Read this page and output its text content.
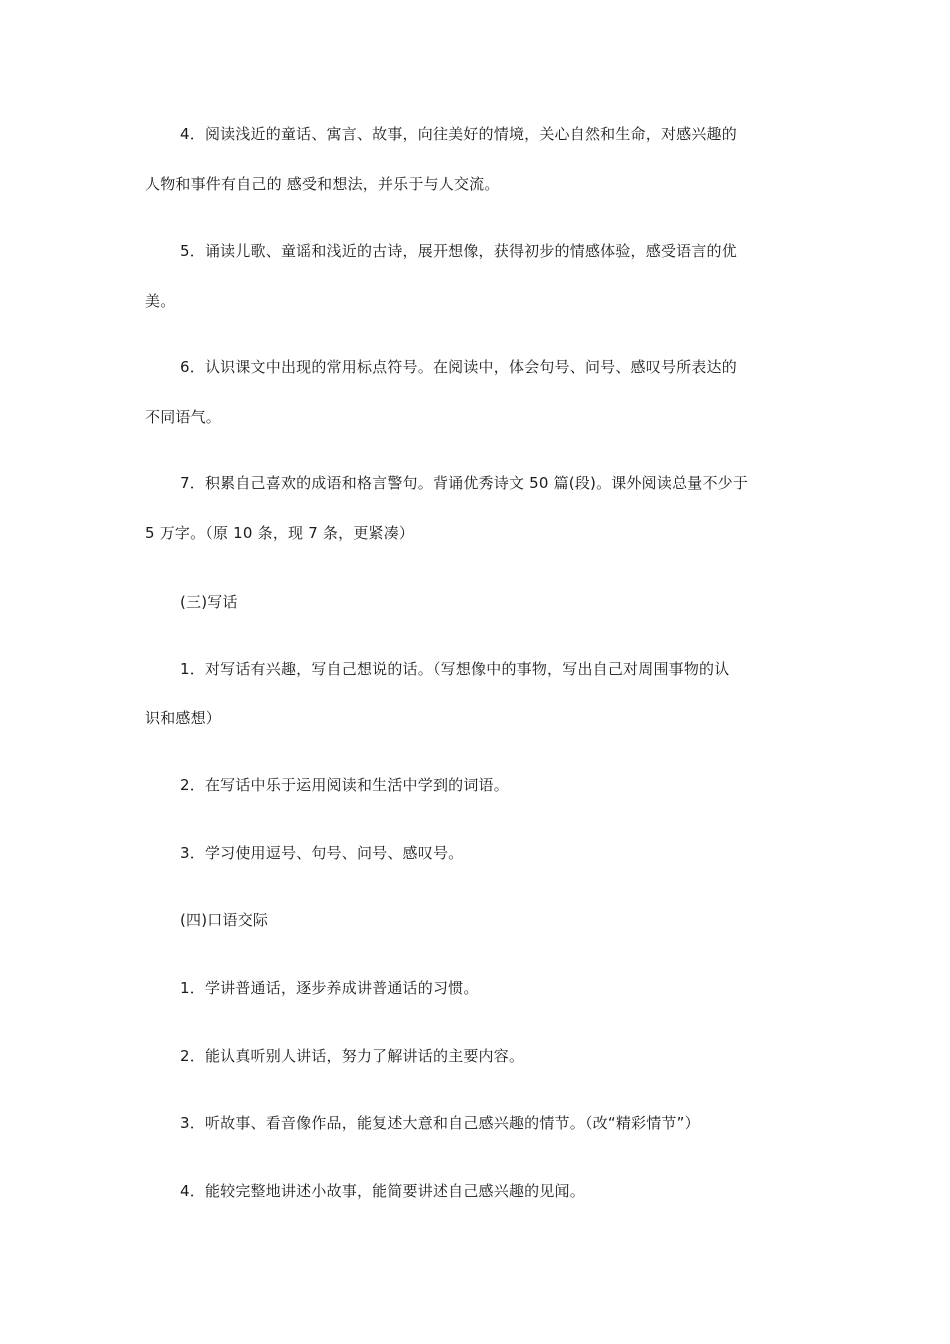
4．阅读浅近的童话、寓言、故事，向往美好的情境，关心自然和生命，对感兴趣的
人物和事件有自己的 感受和想法，并乐于与人交流。
5．诵读儿歌、童谣和浅近的古诗，展开想像，获得初步的情感体验，感受语言的优
美。
6．认识课文中出现的常用标点符号。在阅读中，体会句号、问号、感叹号所表达的
不同语气。
7．积累自己喜欢的成语和格言警句。背诵优秀诗文 50 篇(段)。课外阅读总量不少于
5 万字。（原 10 条，现 7 条，更紧凑）
(三)写话
1．对写话有兴趣，写自己想说的话。（写想像中的事物，写出自己对周围事物的认
识和感想）
2．在写话中乐于运用阅读和生活中学到的词语。
3．学习使用逗号、句号、问号、感叹号。
(四)口语交际
1．学讲普通话，逐步养成讲普通话的习惯。
2．能认真听别人讲话，努力了解讲话的主要内容。
3．听故事、看音像作品，能复述大意和自己感兴趣的情节。（改“精彩情节”）
4．能较完整地讲述小故事，能简要讲述自己感兴趣的见闻。
